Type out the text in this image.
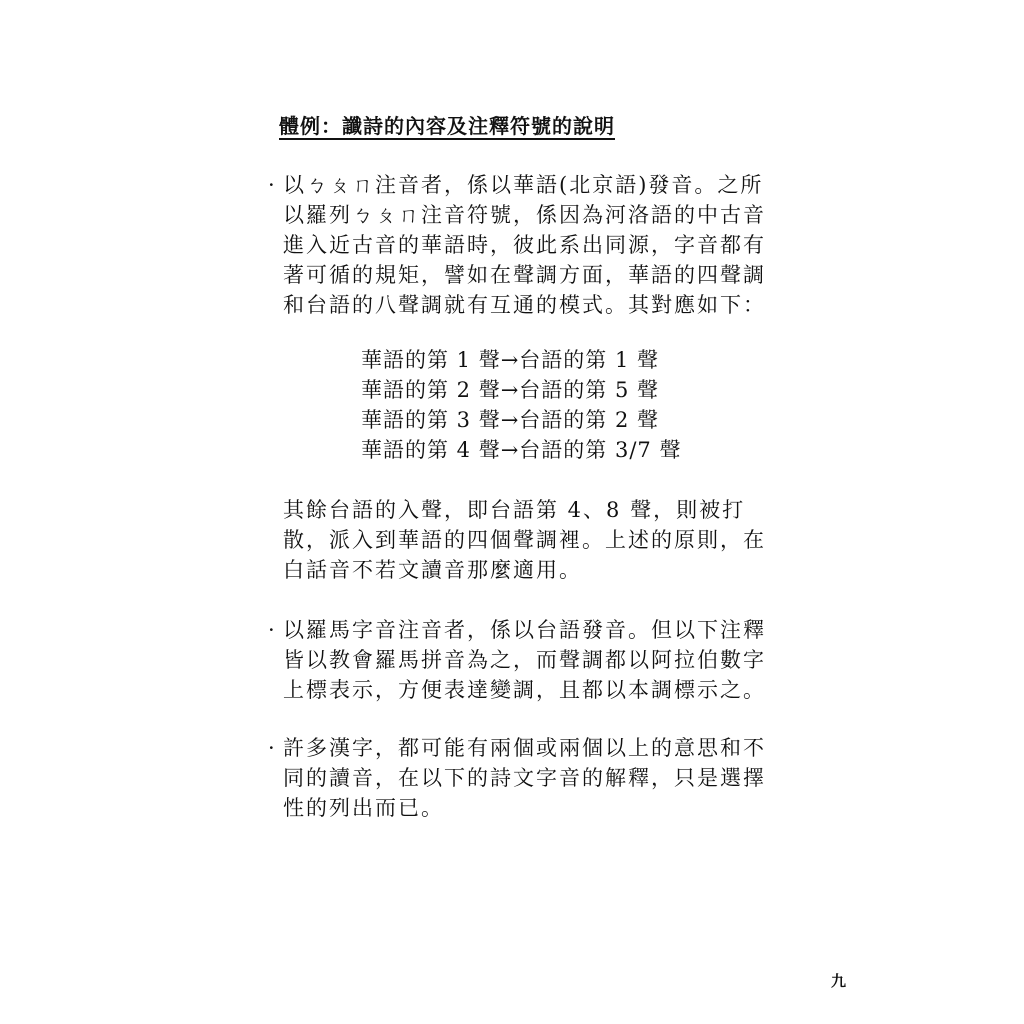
體例：讖詩的內容及注釋符號的說明
· 以ㄅㄆㄇ注音者，係以華語(北京語)發音。之所
以羅列ㄅㄆㄇ注音符號，係因為河洛語的中古音
進入近古音的華語時，彼此系出同源，字音都有
著可循的規矩，譬如在聲調方面，華語的四聲調
和台語的八聲調就有互通的模式。其對應如下：
華語的第 1 聲→台語的第 1 聲
華語的第 2 聲→台語的第 5 聲
華語的第 3 聲→台語的第 2 聲
華語的第 4 聲→台語的第 3/7 聲
其餘台語的入聲，即台語第 4、8 聲，則被打
散，派入到華語的四個聲調裡。上述的原則，在
白話音不若文讀音那麼適用。
· 以羅馬字音注音者，係以台語發音。但以下注釋
皆以教會羅馬拼音為之，而聲調都以阿拉伯數字
上標表示，方便表達變調，且都以本調標示之。
· 許多漢字，都可能有兩個或兩個以上的意思和不
同的讀音，在以下的詩文字音的解釋，只是選擇
性的列出而已。
九
